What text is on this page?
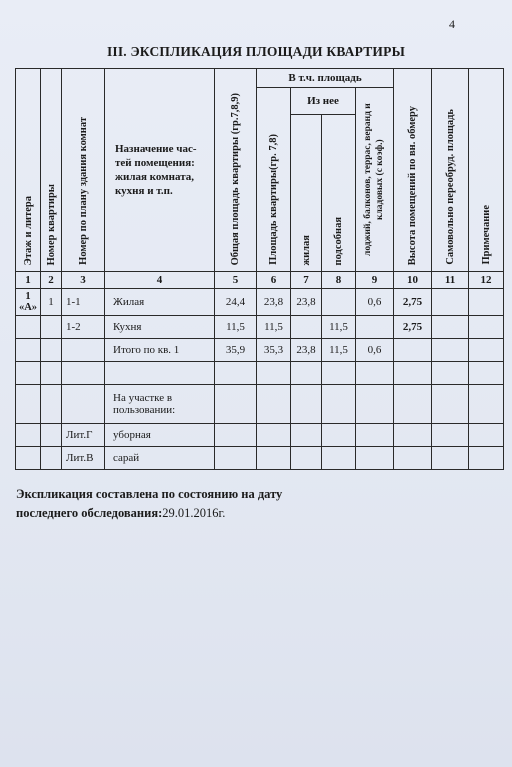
4
III. ЭКСПЛИКАЦИЯ ПЛОЩАДИ КВАРТИРЫ
Этаж и литера	Номер квартиры	Номер по плану здания комнат	Назначение час-
тей помещения:
жилая комната,
кухня и т.п.	Общая площадь квартиры (гр.7,8,9)	В т.ч. площадь				Высота помещений по вн. обмеру	Самовольно переобруд. площадь	Примечание

					Площадь квартиры(гр. 7,8)	Из нее		лоджий, балконов, террас, веранд и кладовых (с коэф.)			

						жилая	подсобная				

1	2	3	4	5	6	7	8	9	10	11	12
1 «А»	1	1-1	Жилая	24,4	23,8	23,8		0,6	2,75		
		1-2	Кухня	11,5	11,5		11,5		2,75		
			Итого по кв. 1	35,9	35,3	23,8	11,5	0,6			

			На участке в пользовании:								
		Лит.Г	уборная								
		Лит.В	сарай								
Экспликация составлена по состоянию на дату
последнего обследования:29.01.2016г.
